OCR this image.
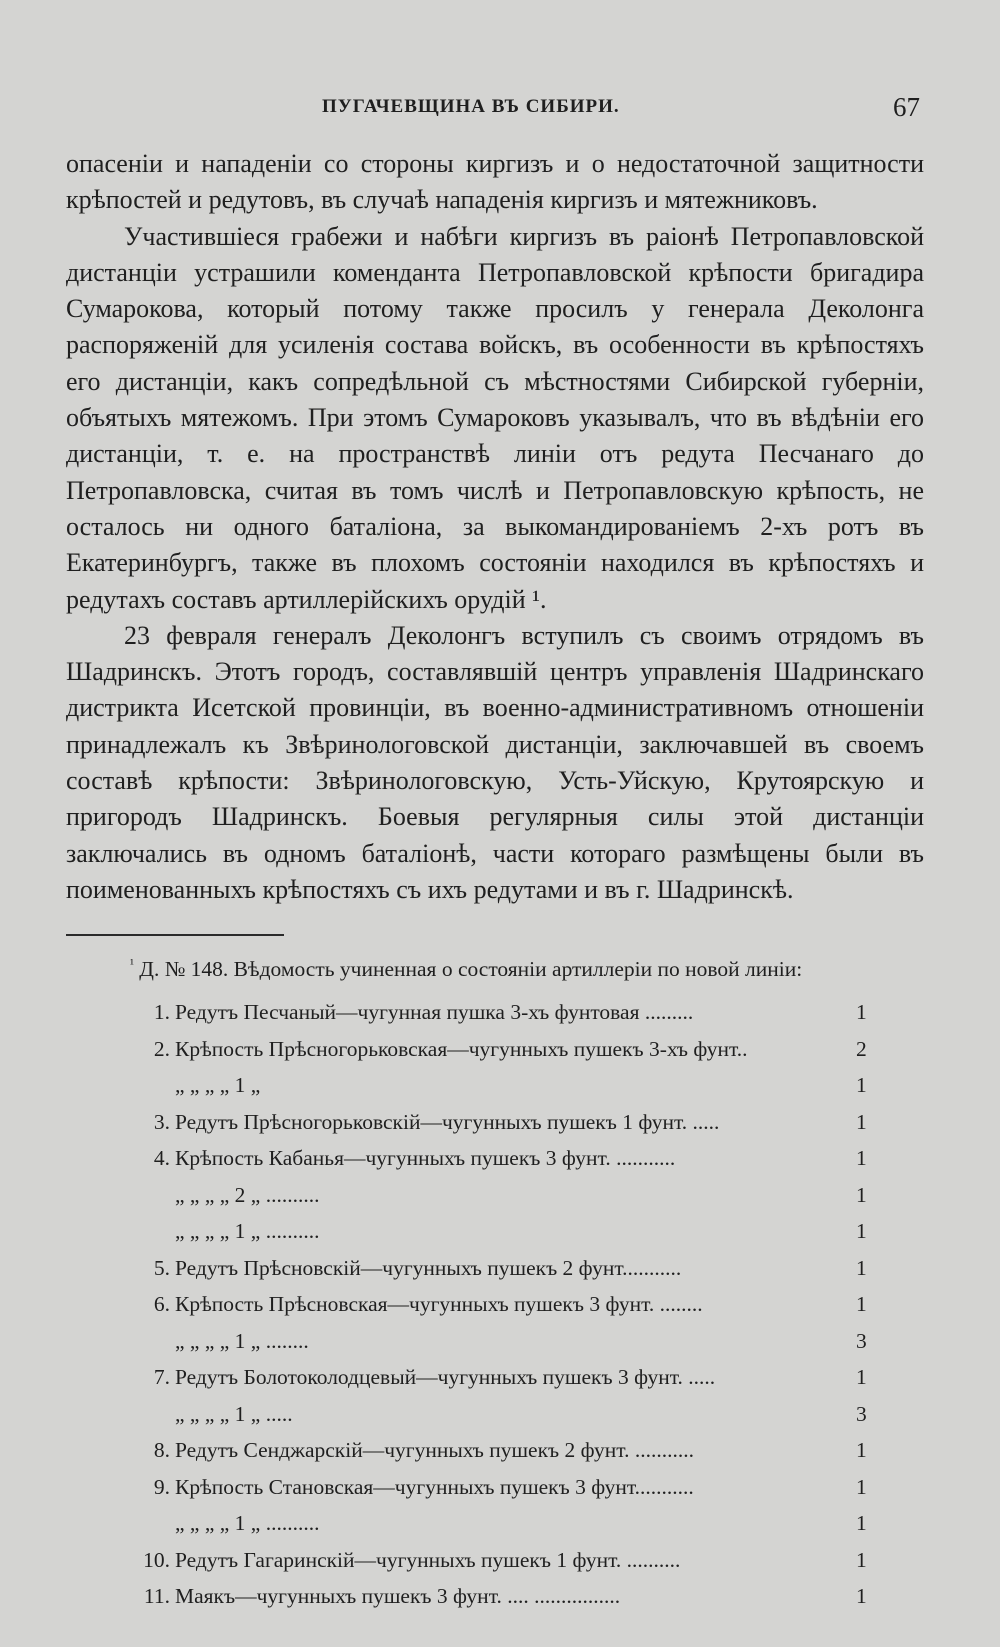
ПУГАЧЕВЩИНА ВЪ СИБИРИ.	67

опасеніи и нападеніи со стороны киргизъ и о недостаточной защитности крѣпостей и редутовъ, въ случаѣ нападенія киргизъ и мятежниковъ.

Участившіеся грабежи и набѣги киргизъ въ раіонѣ Петропавловской дистанціи устрашили коменданта Петропавловской крѣпости бригадира Сумарокова, который потому также просилъ у генерала Деколонга распоряженій для усиленія состава войскъ, въ особенности въ крѣпостяхъ его дистанціи, какъ сопредѣльной съ мѣстностями Сибирской губерніи, объятыхъ мятежомъ. При этомъ Сумароковъ указывалъ, что въ вѣдѣніи его дистанціи, т. е. на пространствѣ линіи отъ редута Песчанаго до Петропавловска, считая въ томъ числѣ и Петропавловскую крѣпость, не осталось ни одного баталіона, за выкомандированіемъ 2-хъ ротъ въ Екатеринбургъ, также въ плохомъ состояніи находился въ крѣпостяхъ и редутахъ составъ артиллерійскихъ орудій ¹.

23 февраля генералъ Деколонгъ вступилъ съ своимъ отрядомъ въ Шадринскъ. Этотъ городъ, составлявшій центръ управленія Шадринскаго дистрикта Исетской провинціи, въ военно-административномъ отношеніи принадлежалъ къ Звѣринологовской дистанціи, заключавшей въ своемъ составѣ крѣпости: Звѣринологовскую, Усть-Уйскую, Крутоярскую и пригородъ Шадринскъ. Боевыя регулярныя силы этой дистанціи заключались въ одномъ баталіонѣ, части котораго размѣщены были въ поименованныхъ крѣпостяхъ съ ихъ редутами и въ г. Шадринскѣ.

$^{^1}$ Д. № 148. Вѣдомость учиненная о состояніи артиллеріи по новой линіи:
1. Редутъ Песчаный—чугунная пушка 3-хъ фунтовая .........	1
2. Крѣпость Прѣсногорьковская—чугунныхъ пушекъ 3-хъ фунт..	2
„ „ „ „ 1 „	1
3. Редутъ Прѣсногорьковскій—чугунныхъ пушекъ 1 фунт. .....	1
4. Крѣпость Кабанья—чугунныхъ пушекъ 3 фунт. ...........	1
„ „ „ „ 2 „ ..........	1
„ „ „ „ 1 „ ..........	1
5. Редутъ Прѣсновскій—чугунныхъ пушекъ 2 фунт...........	1
6. Крѣпость Прѣсновская—чугунныхъ пушекъ 3 фунт. ........	1
„ „ „ „ 1 „ ........	3
7. Редутъ Болотоколодцевый—чугунныхъ пушекъ 3 фунт. .....	1
„ „ „ „ 1 „ .....	3
8. Редутъ Сенджарскій—чугунныхъ пушекъ 2 фунт. ...........	1
9. Крѣпость Становская—чугунныхъ пушекъ 3 фунт...........	1
„ „ „ „ 1 „ ..........	1
10. Редутъ Гагаринскій—чугунныхъ пушекъ 1 фунт. ..........	1
11. Маякъ—чугунныхъ пушекъ 3 фунт. .... ................	1
